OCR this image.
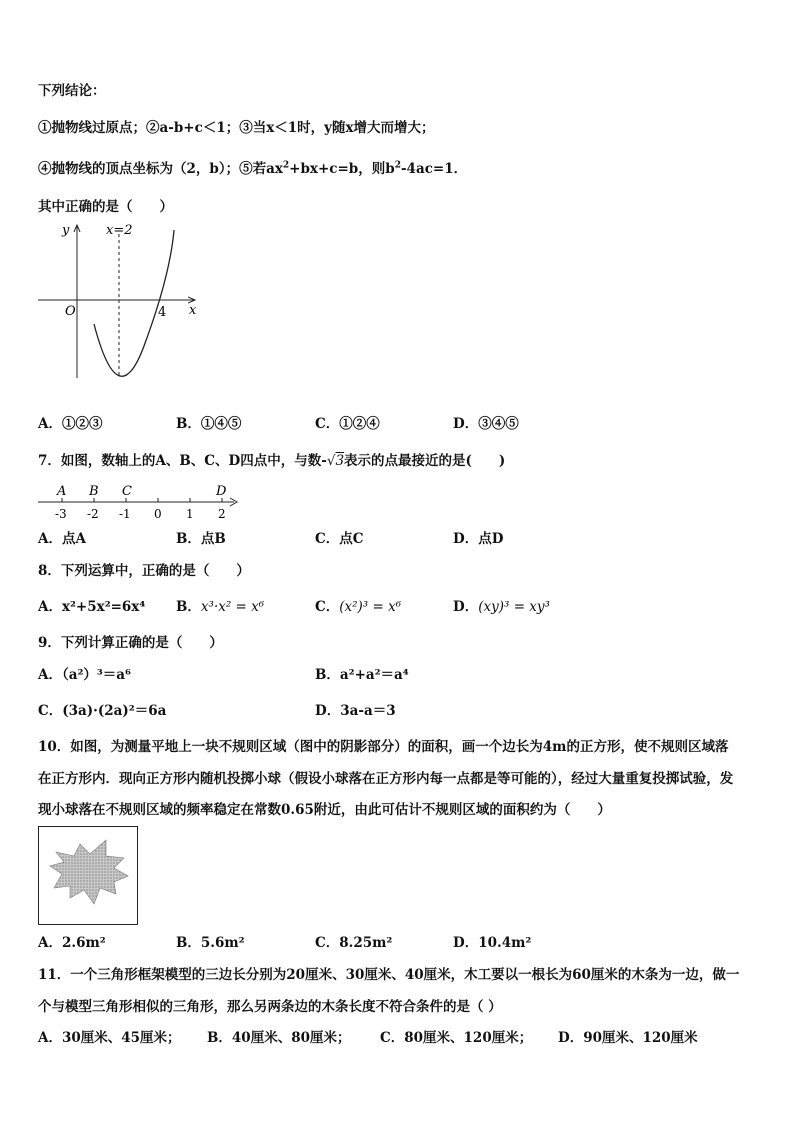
下列结论：
①抛物线过原点；②a-b+c＜1；③当x＜1时，y随x增大而增大；
④抛物线的顶点坐标为（2，b）；⑤若$ax^2+bx+c=b$，则$b^2-4ac=1$．
其中正确的是（　　）
y
x
O
x=2
4
A．①②③	B．①④⑤	C．①②④	D．③④⑤
7．如图，数轴上的A、B、C、D四点中，与数-√3表示的点最接近的是(　　)
A B C	D
-3 -2 -1 0 1 2
A．点A	B．点B	C．点C	D．点D
8．下列运算中，正确的是（　　）
A．x²+5x²=6x⁴ B．x³·x² = x⁶	C．(x²)³ = x⁶	D．(xy)³ = xy³
9．下列计算正确的是（　　）
A．（a²）³＝a⁶	B．a²+a²＝a⁴
C．(3a)·(2a)²＝6a	D．3a-a＝3
10．如图，为测量平地上一块不规则区域（图中的阴影部分）的面积，画一个边长为4m的正方形，使不规则区域落
在正方形内．现向正方形内随机投掷小球（假设小球落在正方形内每一点都是等可能的），经过大量重复投掷试验，发
现小球落在不规则区域的频率稳定在常数0.65附近，由此可估计不规则区域的面积约为（　　）
A．2.6m²	B．5.6m²	C．8.25m²	D．10.4m²
11．一个三角形框架模型的三边长分别为20厘米、30厘米、40厘米，木工要以一根长为60厘米的木条为一边，做一
个与模型三角形相似的三角形，那么另两条边的木条长度不符合条件的是（ ）
A．30厘米、45厘米； B．40厘米、80厘米； C．80厘米、120厘米； D．90厘米、120厘米
